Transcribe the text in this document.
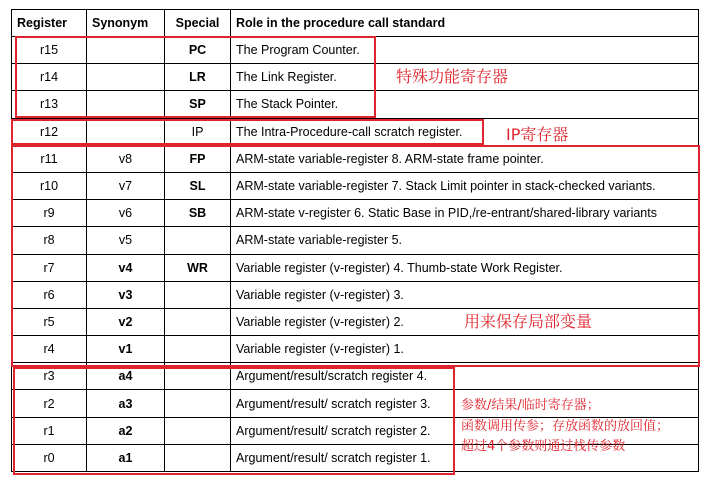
Register	Synonym	Special	Role in the procedure call standard
r15		PC	The Program Counter.
r14		LR	The Link Register.
r13		SP	The Stack Pointer.
r12		IP	The Intra-Procedure-call scratch register.
r11	v8	FP	ARM-state variable-register 8. ARM-state frame pointer.
r10	v7	SL	ARM-state variable-register 7. Stack Limit pointer in stack-checked variants.
r9	v6	SB	ARM-state v-register 6. Static Base in PID,/re-entrant/shared-library variants
r8	v5		ARM-state variable-register 5.
r7	v4	WR	Variable register (v-register) 4. Thumb-state Work Register.
r6	v3		Variable register (v-register) 3.
r5	v2		Variable register (v-register) 2.
r4	v1		Variable register (v-register) 1.
r3	a4		Argument/result/scratch register 4.
r2	a3		Argument/result/ scratch register 3.
r1	a2		Argument/result/ scratch register 2.
r0	a1		Argument/result/ scratch register 1.
特殊功能寄存器
IP寄存器
用来保存局部变量
参数/结果/临时寄存器；
函数调用传参；存放函数的放回值；
超过4个参数则通过栈传参数
